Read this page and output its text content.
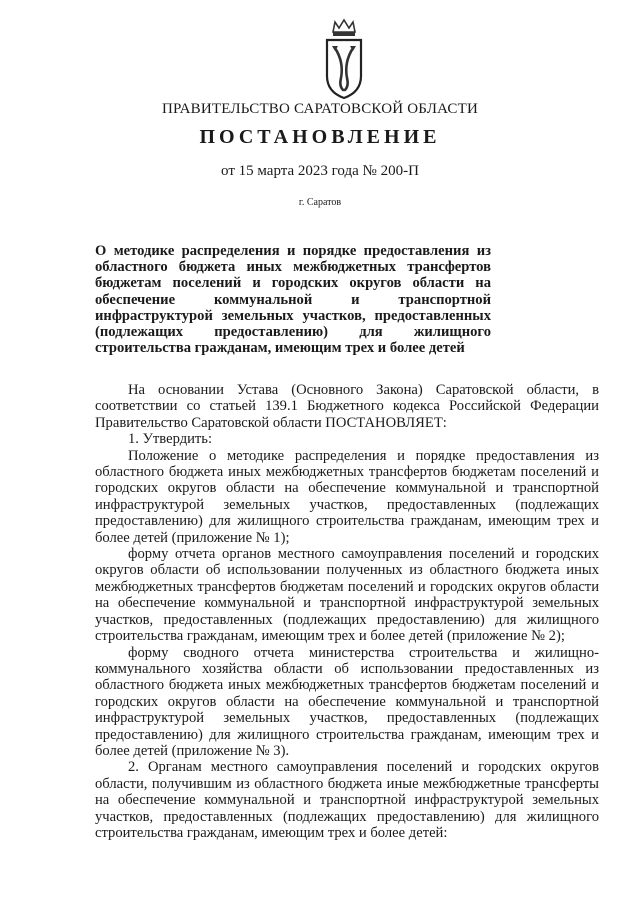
ПРАВИТЕЛЬСТВО САРАТОВСКОЙ ОБЛАСТИ
ПОСТАНОВЛЕНИЕ
от 15 марта 2023 года № 200-П
г. Саратов
О методике распределения и порядке предоставления из областного бюджета иных межбюджетных трансфертов бюджетам поселений и городских округов области на обеспечение коммунальной и транспортной инфраструктурой земельных участков, предоставленных (подлежащих предоставлению) для жилищного строительства гражданам, имеющим трех и более детей

На основании Устава (Основного Закона) Саратовской области, в соответствии со статьей 139.1 Бюджетного кодекса Российской Федерации Правительство Саратовской области ПОСТАНОВЛЯЕТ:

1. Утвердить:

Положение о методике распределения и порядке предоставления из областного бюджета иных межбюджетных трансфертов бюджетам поселений и городских округов области на обеспечение коммунальной и транспортной инфраструктурой земельных участков, предоставленных (подлежащих предоставлению) для жилищного строительства гражданам, имеющим трех и более детей (приложение № 1);

форму отчета органов местного самоуправления поселений и городских округов области об использовании полученных из областного бюджета иных межбюджетных трансфертов бюджетам поселений и городских округов области на обеспечение коммунальной и транспортной инфраструктурой земельных участков, предоставленных (подлежащих предоставлению) для жилищного строительства гражданам, имеющим трех и более детей (приложение № 2);

форму сводного отчета министерства строительства и жилищно-коммунального хозяйства области об использовании предоставленных из областного бюджета иных межбюджетных трансфертов бюджетам поселений и городских округов области на обеспечение коммунальной и транспортной инфраструктурой земельных участков, предоставленных (подлежащих предоставлению) для жилищного строительства гражданам, имеющим трех и более детей (приложение № 3).

2. Органам местного самоуправления поселений и городских округов области, получившим из областного бюджета иные межбюджетные трансферты на обеспечение коммунальной и транспортной инфраструктурой земельных участков, предоставленных (подлежащих предоставлению) для жилищного строительства гражданам, имеющим трех и более детей:
